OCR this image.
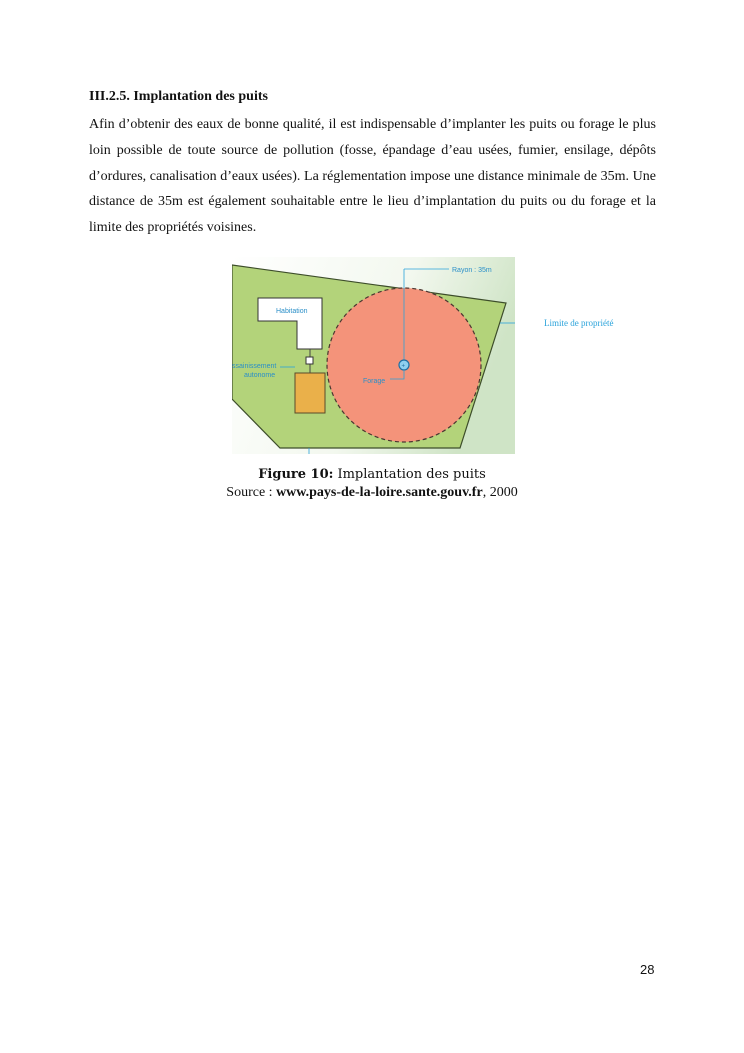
III.2.5. Implantation des puits
Afin d’obtenir des eaux de bonne qualité, il est indispensable d’implanter les puits ou forage le plus loin possible de toute source de pollution (fosse, épandage d’eau usées, fumier, ensilage, dépôts d’ordures, canalisation d’eaux usées). La réglementation impose une distance minimale de 35m. Une distance de 35m est également souhaitable entre le lieu d’implantation du puits ou du forage et la limite des propriétés voisines.
Habitation
ssainissement
autonome
Rayon : 35m
+
Forage
Limite de propriété
Figure 10: Implantation des puits
Source : www.pays-de-la-loire.sante.gouv.fr, 2000
28
